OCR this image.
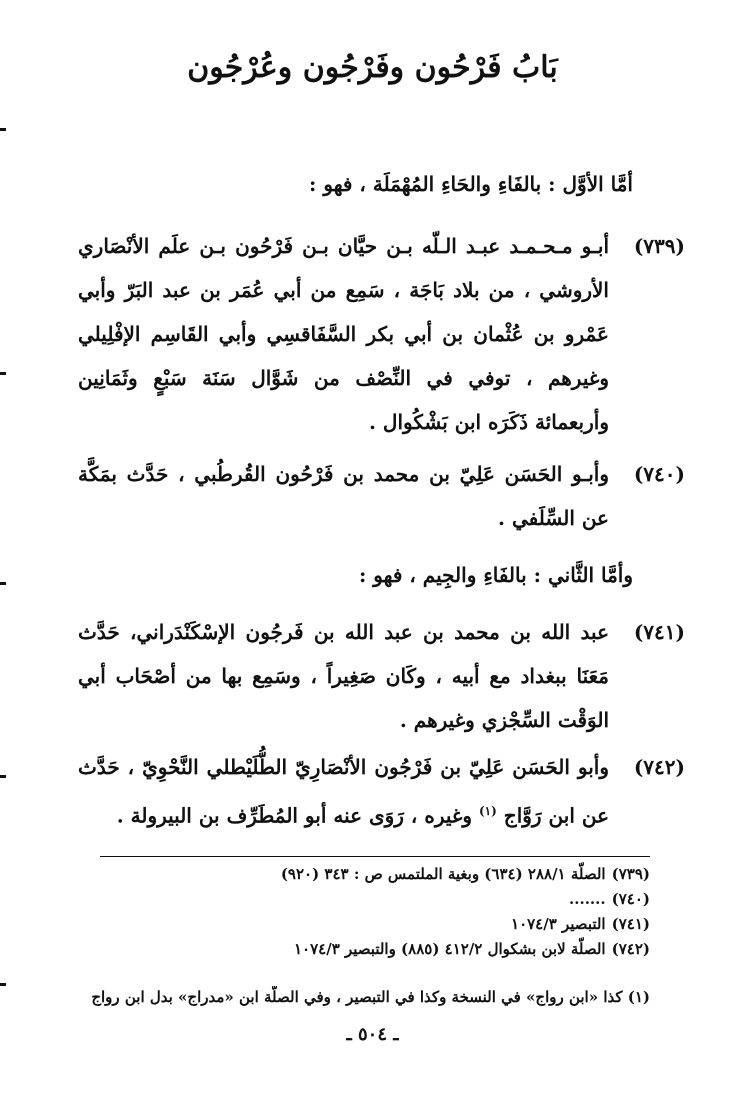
بَابُ فَرْحُون وفَرْجُون وعُرْجُون
أمَّا الأوَّل : بالفَاءِ والحَاءِ المُهْمَلَة ، فهو :
(٧٣٩)
أبـو مـحـمـد عبـد الـلّه بـن حيَّان بـن فَرْحُون بـن علَم الأنْصَاري الأروشي ، من بلاد بَاجَة ، سَمِع من أبي عُمَر بن عبد البَرّ وأبي عَمْرو بن عُثْمان بن أبي بكر السَّفَاقسِي وأبي القَاسِم الإفْلِيلي وغيرهم ، توفي في النِّصْف من شَوَّال سَنَة سَبْعٍ وثَمَانِين وأربعمائة ذَكَرَه ابن بَشْكُوال .
(٧٤٠)
وأبـو الحَسَن عَلِيّ بن محمد بن فَرْحُون القُرطُبي ، حَدَّث بمَكَّة عن السِّلَفي .
وأمَّا الثَّاني : بالفَاءِ والجِيم ، فهو :
(٧٤١)
عبد الله بن محمد بن عبد الله بن فَرجُون الإسْكَنْدَراني، حَدَّث مَعَنَا ببغداد مع أبيه ، وكَان صَغِيراً ، وسَمِع بها من أصْحَاب أبي الوَقْت السِّجْزي وغيرهم .
(٧٤٢)
وأبو الحَسَن عَلِيّ بن فَرْجُون الأنْصَارِيّ الطُّلَيْطلي النَّحْوِيّ ، حَدَّث عن ابن رَوَّاج $^{(١)}$ وغيره ، رَوَى عنه أبو المُطَرِّف بن البيرولة .
(٧٣٩)الصلّة ٢٨٨/١ (٦٣٤) وبغية الملتمس ص : ٣٤٣ (٩٢٠)
(٧٤٠).......
(٧٤١)التبصير ١٠٧٤/٣
(٧٤٢)الصلّة لابن بشكوال ٤١٢/٢ (٨٨٥) والتبصير ١٠٧٤/٣
(١) كذا «ابن رواج» في النسخة وكذا في التبصير ، وفي الصلّة ابن «مدراج» بدل ابن رواج
ـ ٥٠٤ ـ
